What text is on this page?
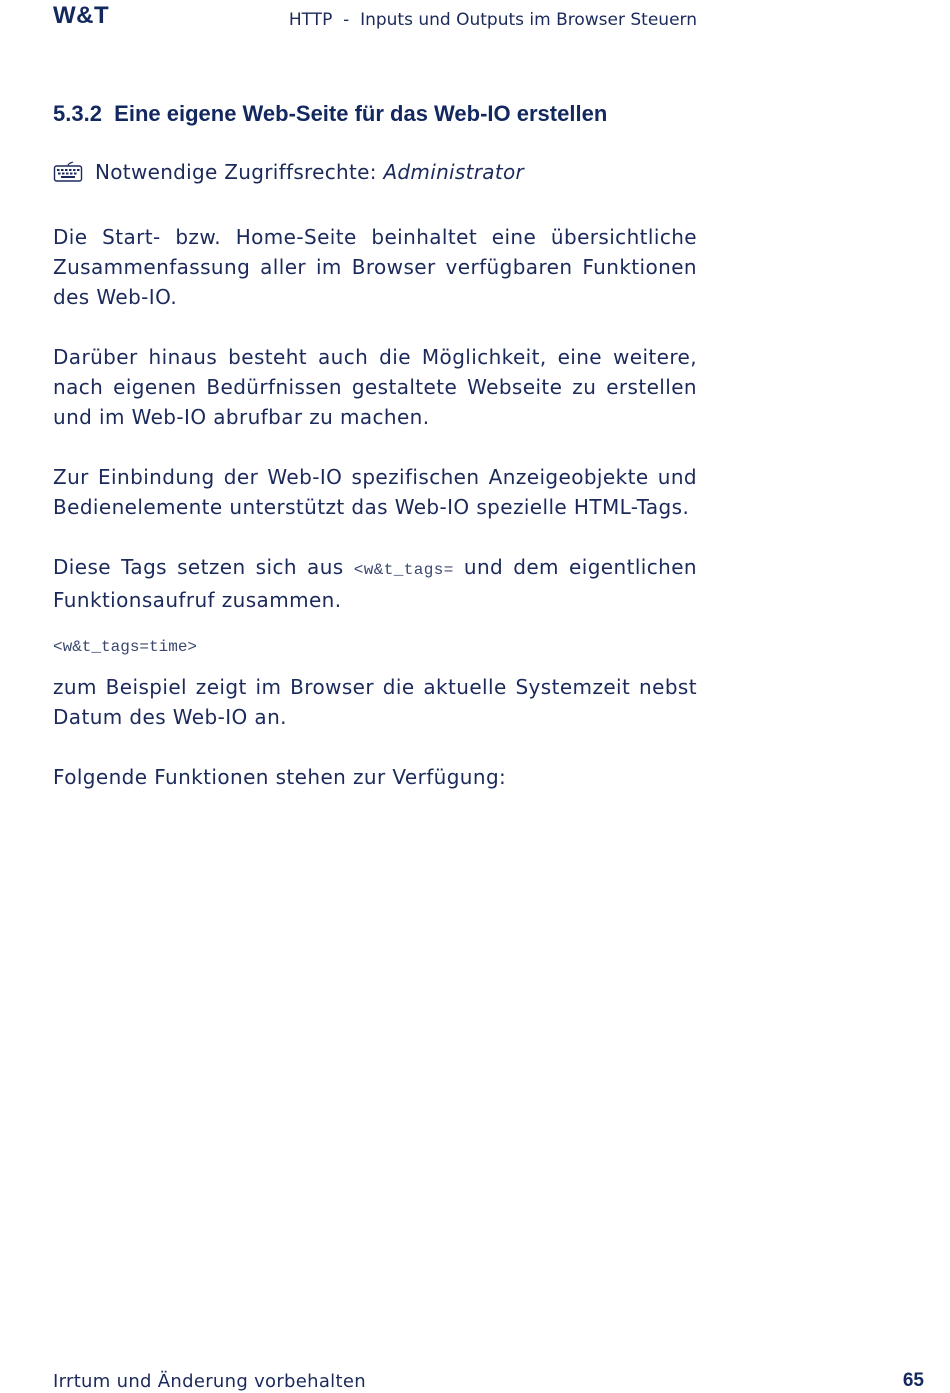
W&T	HTTP  -  Inputs und Outputs im Browser Steuern
5.3.2  Eine eigene Web-Seite für das Web-IO erstellen
Notwendige Zugriffsrechte: Administrator

Die Start- bzw. Home-Seite beinhaltet eine übersichtliche Zusammenfassung aller im Browser verfügbaren Funktionen des Web-IO.

Darüber hinaus besteht auch die Möglichkeit, eine weitere, nach eigenen Bedürfnissen gestaltete Webseite zu erstellen und im Web-IO abrufbar zu machen.

Zur Einbindung der Web-IO spezifischen Anzeigeobjekte und Bedienelemente unterstützt das Web-IO spezielle HTML-Tags.

Diese Tags setzen sich aus <w&t_tags= und dem eigentlichen Funktionsaufruf zusammen.

<w&t_tags=time>

zum Beispiel zeigt im Browser die aktuelle Systemzeit nebst Datum des Web-IO an.

Folgende Funktionen stehen zur Verfügung:

Irrtum und Änderung vorbehalten	65
